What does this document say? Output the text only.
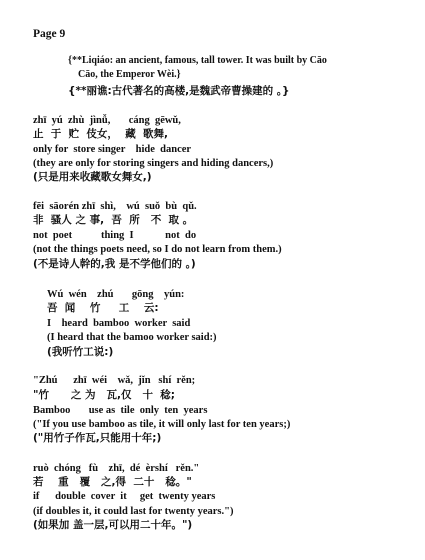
Page 9
{**Liqiáo: an ancient, famous, tall tower. It was built by Cāo
Cāo, the Emperor Wèi.}
{**丽谯:古代著名的高楼,是魏武帝曹操建的 。}
zhī  yú  zhù  jìnǚ,       cáng  gēwǔ,
止  于  贮  伎女，  藏  歌舞,
only for  store singer    hide  dancer
(they are only for storing singers and hiding dancers,)
(只是用来收藏歌女舞女,)
fēi  sāorén zhī  shì,    wú  suǒ  bù  qǔ.
非  骚人 之 事,  吾  所   不  取 。
not  poet           thing  I            not  do
(not the things poets need, so I do not learn from them.)
(不是诗人幹的,我 是不学他们的 。)
Wú  wén    zhú       gōng    yún:
吾  闻    竹     工    云:
I    heard  bamboo  worker  said
(I heard that the bamoo worker said:)
(我听竹工说:)
"Zhú      zhī  wéi    wǎ,  jǐn   shí  rěn;
"竹      之 为   瓦,仅   十  稔;
Bamboo       use as  tile  only  ten  years
("If you use bamboo as tile, it will only last for ten years;)
("用竹子作瓦,只能用十年;)
ruò  chóng   fù    zhī,  dé  èrshí   rěn."
若    重   覆   之,得  二十   稔。"
if      double  cover  it     get  twenty years
(if doubles it, it could last for twenty years.")
(如果加 盖一层,可以用二十年。")
